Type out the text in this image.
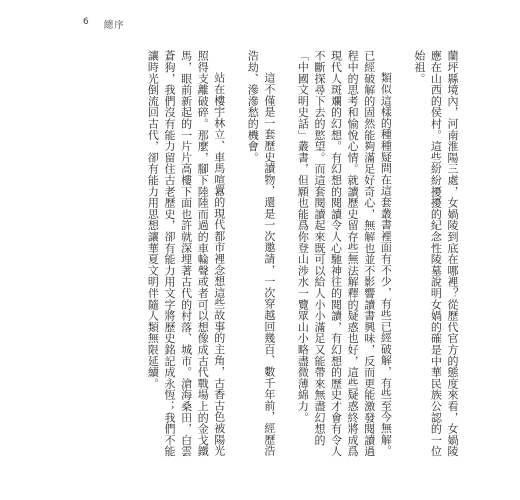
6 總序

蘭坪縣境內，河南淮陽三處，女媧陵到底在哪裡？從歷代官方的態度來看，女媧陵應在山西的侯村。這些紛紛擾擾的紀念性陵墓說明女媧的確是中華民族公認的一位始祖。

類似這樣的種種疑問在這套叢書裡面有不少，有些已經破解，有些至今無解。已經破解的固然能夠滿足好奇心，無解也並不影響讀書興味，反而更能激發閱讀過程中的思考和愉悅心情。就讀歷史留存些無法解釋的疑惑也好，這些疑惑終將成爲現代人斑斕的幻想。有幻想的閱讀令人心馳神往的閱讀，有幻想的歷史才會有令人不斷探尋下去的慾望。而這套閱讀起來既可以給人小小滿足又能帶來無盡幻想的「中國文明史話」叢書，但願也能爲你登山涉水一覽眾山小略盡微薄綿力。

這不僅是一套歷史讀物，還是一次邀請，一次穿越回幾百、數千年前，經歷浩浩劫、滲滲愁的機會。

站在樓宇林立、車馬喧囂的現代都市裡念想這些故事的主角，古香古色被陽光照得支離破碎。那麼，腳下陸陸而過的車輪聲或者可以想像成古代戰場上的金戈鐵馬，眼前新起的一片片高樓下面也許就深埋著古代的村落、城市。滄海桑田，白雲蒼狗，我們沒有能力留住古老歷史，卻有能力用文字將歷史銘記成永恆；我們不能讓時光倒流回古代，卻有能力用思想讓華夏文明伴隨人類無限延續。
